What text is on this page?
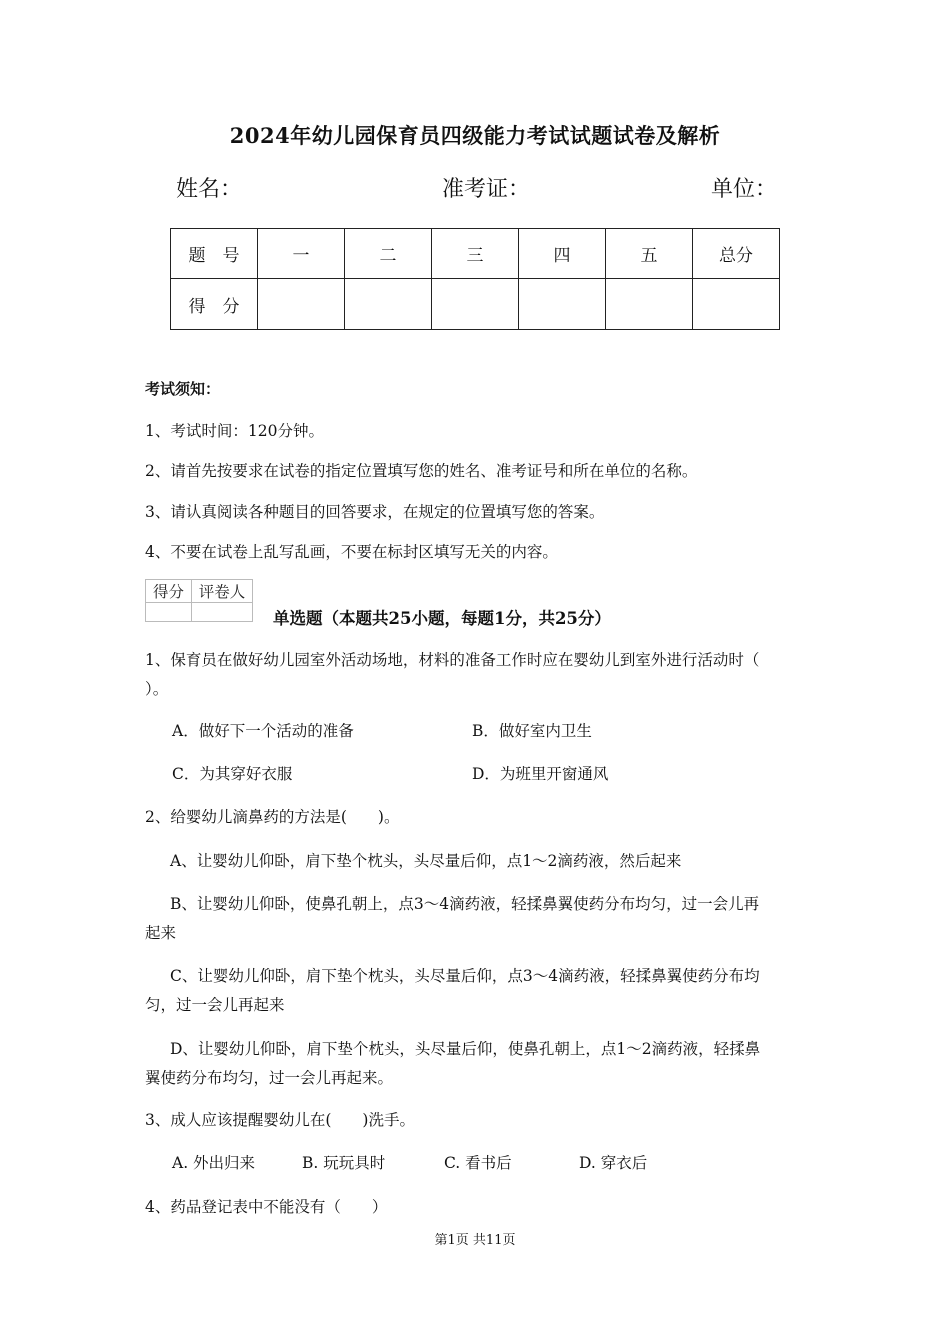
2024年幼儿园保育员四级能力考试试题试卷及解析
姓名：	准考证：	单位：
题　号	一	二	三	四	五	总分
得　分						
考试须知：
1、考试时间：120分钟。
2、请首先按要求在试卷的指定位置填写您的姓名、准考证号和所在单位的名称。
3、请认真阅读各种题目的回答要求，在规定的位置填写您的答案。
4、不要在试卷上乱写乱画，不要在标封区填写无关的内容。
得分	评卷人

单选题（本题共25小题，每题1分，共25分）
1、保育员在做好幼儿园室外活动场地，材料的准备工作时应在婴幼儿到室外进行活动时（
）。
A．做好下一个活动的准备	B．做好室内卫生
C．为其穿好衣服	D．为班里开窗通风
2、给婴幼儿滴鼻药的方法是(　　)。
A、让婴幼儿仰卧，肩下垫个枕头，头尽量后仰，点1～2滴药液，然后起来
B、让婴幼儿仰卧，使鼻孔朝上，点3～4滴药液，轻揉鼻翼使药分布均匀，过一会儿再
起来
C、让婴幼儿仰卧，肩下垫个枕头，头尽量后仰，点3～4滴药液，轻揉鼻翼使药分布均
匀，过一会儿再起来
D、让婴幼儿仰卧，肩下垫个枕头，头尽量后仰，使鼻孔朝上，点1～2滴药液，轻揉鼻
翼使药分布均匀，过一会儿再起来。
3、成人应该提醒婴幼儿在(　　)洗手。
A. 外出归来	B. 玩玩具时	C. 看书后	D. 穿衣后
4、药品登记表中不能没有（　　）
第1页 共11页
